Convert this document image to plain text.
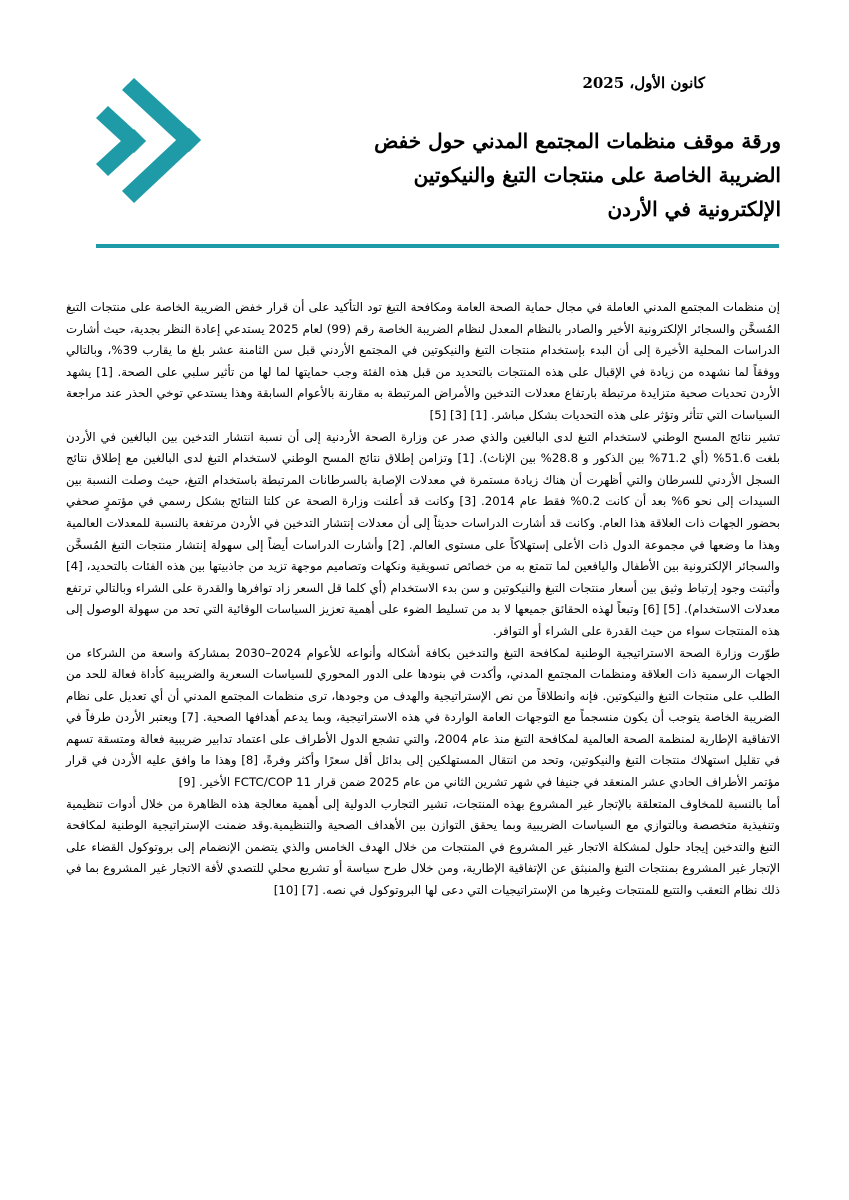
كانون الأول، 2025
ورقة موقف منظمات المجتمع المدني حول خفض الضريبة الخاصة على منتجات التبغ والنيكوتين الإلكترونية في الأردن

إن منظمات المجتمع المدني العاملة في مجال حماية الصحة العامة ومكافحة التبغ تود التأكيد على أن قرار خفض الضريبة الخاصة على منتجات التبغ المُسخَّن والسجائر الإلكترونية الأخير والصادر بالنظام المعدل لنظام الضريبة الخاصة رقم (99) لعام 2025 يستدعي إعادة النظر بجدية، حيث أشارت الدراسات المحلية الأخيرة إلى أن البدء بإستخدام منتجات التبغ والنيكوتين في المجتمع الأردني قبل سن الثامنة عشر بلغ ما يقارب 39%، وبالتالي ووفقاً لما نشهده من زيادة في الإقبال على هذه المنتجات بالتحديد من قبل هذه الفئة وجب حمايتها لما لها من تأثير سلبي على الصحة. [1] يشهد الأردن تحديات صحية متزايدة مرتبطة بارتفاع معدلات التدخين والأمراض المرتبطة به مقارنة بالأعوام السابقة وهذا يستدعي توخي الحذر عند مراجعة السياسات التي تتأثر وتؤثر على هذه التحديات بشكل مباشر. [1] [3] [5]

تشير نتائج المسح الوطني لاستخدام التبغ لدى البالغين والذي صدر عن وزارة الصحة الأردنية إلى أن نسبة انتشار التدخين بين البالغين في الأردن بلغت 51.6% (أي 71.2% بين الذكور و 28.8% بين الإناث). [1] وتزامن إطلاق نتائج المسح الوطني لاستخدام التبغ لدى البالغين مع إطلاق نتائج السجل الأردني للسرطان والتي أظهرت أن هناك زيادة مستمرة في معدلات الإصابة بالسرطانات المرتبطة باستخدام التبغ، حيث وصلت النسبة بين السيدات إلى نحو 6% بعد أن كانت 0.2% فقط عام 2014. [3] وكانت قد أعلنت وزارة الصحة عن كلتا النتائج بشكل رسمي في مؤتمرٍ صحفي بحضور الجهات ذات العلاقة هذا العام. وكانت قد أشارت الدراسات حديثاً إلى أن معدلات إنتشار التدخين في الأردن مرتفعة بالنسبة للمعدلات العالمية وهذا ما وضعها في مجموعة الدول ذات الأعلى إستهلاكاً على مستوى العالم. [2] وأشارت الدراسات أيضاً إلى سهولة إنتشار منتجات التبغ المُسخَّن والسجائر الإلكترونية بين الأطفال واليافعين لما تتمتع به من خصائص تسويقية ونكهات وتصاميم موجهة تزيد من جاذبيتها بين هذه الفئات بالتحديد، [4] وأثبتت وجود إرتباط وثيق بين أسعار منتجات التبغ والنيكوتين و سن بدء الاستخدام (أي كلما قل السعر زاد توافرها والقدرة على الشراء وبالتالي ترتفع معدلات الاستخدام). [5] [6] وتبعاً لهذه الحقائق جميعها لا بد من تسليط الضوء على أهمية تعزيز السياسات الوقائية التي تحد من سهولة الوصول إلى هذه المنتجات سواء من حيث القدرة على الشراء أو التوافر.

طوّرت وزارة الصحة الاستراتيجية الوطنية لمكافحة التبغ والتدخين بكافة أشكاله وأنواعه للأعوام 2024–2030 بمشاركة واسعة من الشركاء من الجهات الرسمية ذات العلاقة ومنظمات المجتمع المدني، وأكدت في بنودها على الدور المحوري للسياسات السعرية والضريبية كأداة فعالة للحد من الطلب على منتجات التبغ والنيكوتين. فإنه وانطلاقاً من نص الإستراتيجية والهدف من وجودها، ترى منظمات المجتمع المدني أن أي تعديل على نظام الضريبة الخاصة يتوجب أن يكون منسجماً مع التوجهات العامة الواردة في هذه الاستراتيجية، وبما يدعم أهدافها الصحية. [7] ويعتبر الأردن طرفاً في الاتفاقية الإطارية لمنظمة الصحة العالمية لمكافحة التبغ منذ عام 2004، والتي تشجع الدول الأطراف على اعتماد تدابير ضريبية فعالة ومتسقة تسهم في تقليل استهلاك منتجات التبغ والنيكوتين، وتحد من انتقال المستهلكين إلى بدائل أقل سعرًا وأكثر وفرةً، [8] وهذا ما وافق عليه الأردن في قرار مؤتمر الأطراف الحادي عشر المنعقد في جنيفا في شهر تشرين الثاني من عام 2025 ضمن قرار FCTC/COP 11 الأخير. [9]

أما بالنسبة للمخاوف المتعلقة بالإتجار غير المشروع بهذه المنتجات، تشير التجارب الدولية إلى أهمية معالجة هذه الظاهرة من خلال أدوات تنظيمية وتنفيذية متخصصة وبالتوازي مع السياسات الضريبية وبما يحقق التوازن بين الأهداف الصحية والتنظيمية.وقد ضمنت الإستراتيجية الوطنية لمكافحة التبغ والتدخين إيجاد حلول لمشكلة الاتجار غير المشروع في المنتجات من خلال الهدف الخامس والذي يتضمن الإنضمام إلى بروتوكول القضاء على الإتجار غير المشروع بمنتجات التبغ والمنبثق عن الإتفاقية الإطارية، ومن خلال طرح سياسة أو تشريع محلي للتصدي لأفة الاتجار غير المشروع بما في ذلك نظام التعقب والتتبع للمنتجات وغيرها من الإستراتيجيات التي دعى لها البروتوكول في نصه. [7] [10]
